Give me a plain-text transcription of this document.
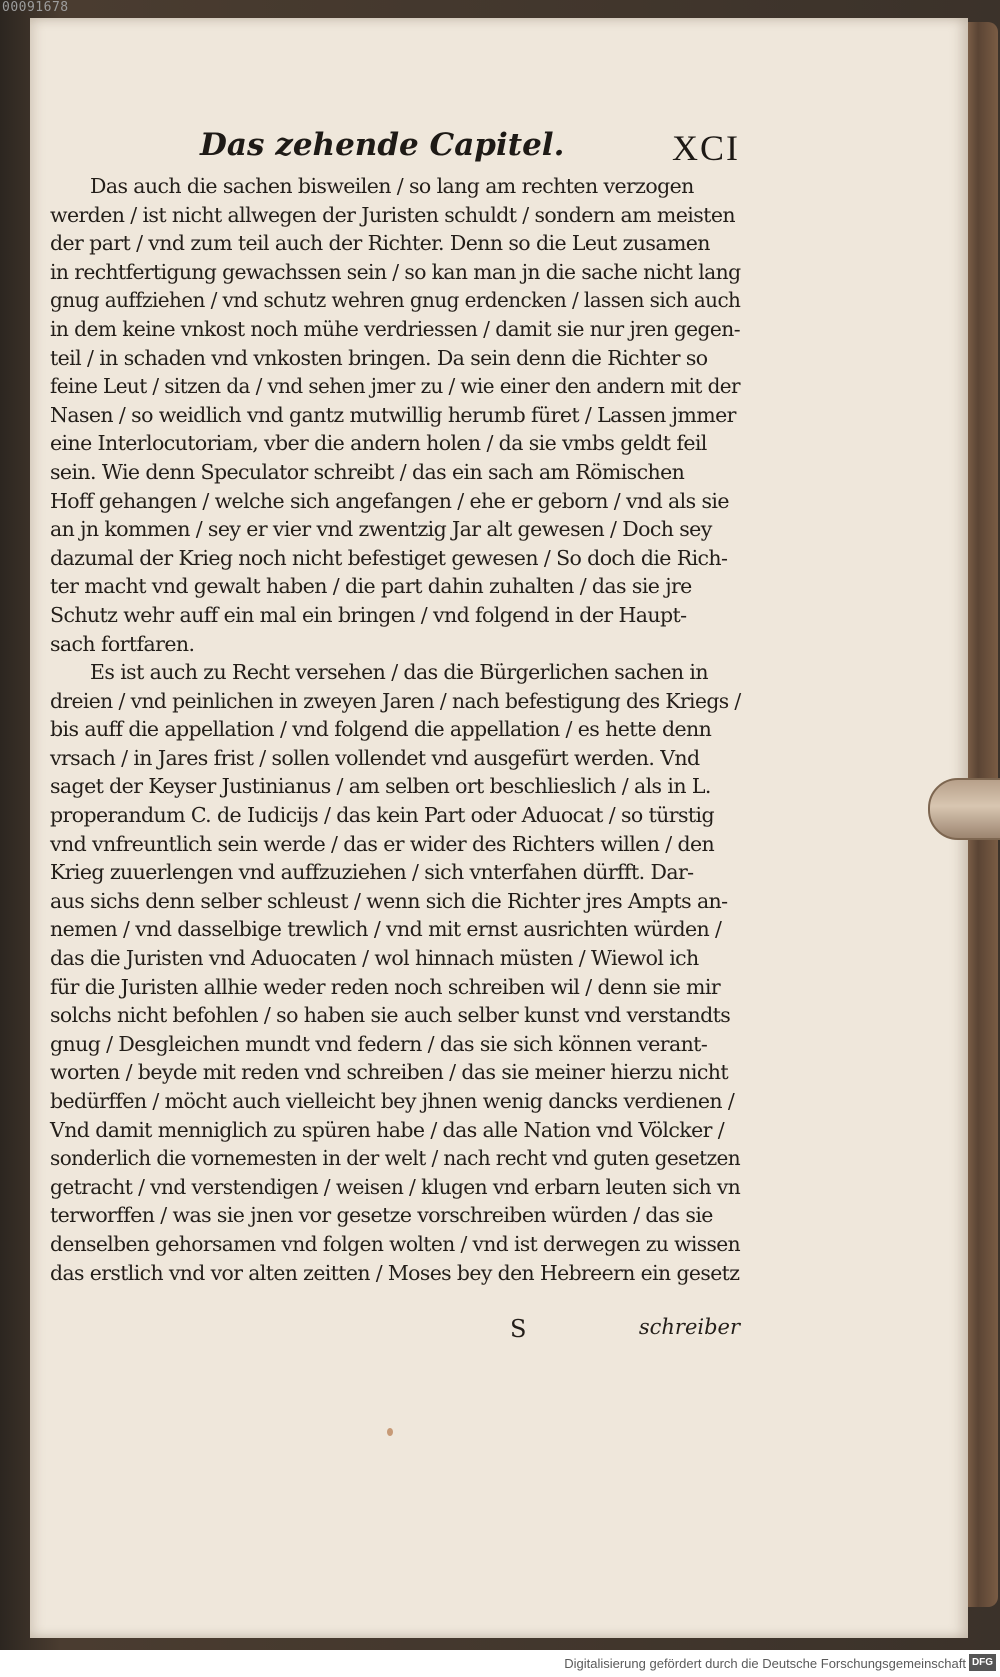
00091678
Das zehende Capitel.	XCI
Das auch die sachen bisweilen / so lang am rechten verzogen
werden / ist nicht allwegen der Juristen schuldt / sondern am meisten
der part / vnd zum teil auch der Richter. Denn so die Leut zusamen
in rechtfertigung gewachssen sein / so kan man jn die sache nicht lang
gnug auffziehen / vnd schutz wehren gnug erdencken / lassen sich auch
in dem keine vnkost noch mühe verdriessen / damit sie nur jren gegen-
teil / in schaden vnd vnkosten bringen. Da sein denn die Richter so
feine Leut / sitzen da / vnd sehen jmer zu / wie einer den andern mit der
Nasen / so weidlich vnd gantz mutwillig herumb füret / Lassen jmmer
eine Interlocutoriam, vber die andern holen / da sie vmbs geldt feil
sein. Wie denn Speculator schreibt / das ein sach am Römischen
Hoff gehangen / welche sich angefangen / ehe er geborn / vnd als sie
an jn kommen / sey er vier vnd zwentzig Jar alt gewesen / Doch sey
dazumal der Krieg noch nicht befestiget gewesen / So doch die Rich-
ter macht vnd gewalt haben / die part dahin zuhalten / das sie jre
Schutz wehr auff ein mal ein bringen / vnd folgend in der Haupt-
sach fortfaren.
Es ist auch zu Recht versehen / das die Bürgerlichen sachen in
dreien / vnd peinlichen in zweyen Jaren / nach befestigung des Kriegs /
bis auff die appellation / vnd folgend die appellation / es hette denn
vrsach / in Jares frist / sollen vollendet vnd ausgefürt werden. Vnd
saget der Keyser Justinianus / am selben ort beschlieslich / als in L.
properandum C. de Iudicijs / das kein Part oder Aduocat / so türstig
vnd vnfreuntlich sein werde / das er wider des Richters willen / den
Krieg zuuerlengen vnd auffzuziehen / sich vnterfahen dürfft. Dar-
aus sichs denn selber schleust / wenn sich die Richter jres Ampts an-
nemen / vnd dasselbige trewlich / vnd mit ernst ausrichten würden /
das die Juristen vnd Aduocaten / wol hinnach müsten / Wiewol ich
für die Juristen allhie weder reden noch schreiben wil / denn sie mir
solchs nicht befohlen / so haben sie auch selber kunst vnd verstandts
gnug / Desgleichen mundt vnd federn / das sie sich können verant-
worten / beyde mit reden vnd schreiben / das sie meiner hierzu nicht
bedürffen / möcht auch vielleicht bey jhnen wenig dancks verdienen /
Vnd damit menniglich zu spüren habe / das alle Nation vnd Völcker /
sonderlich die vornemesten in der welt / nach recht vnd guten gesetzen
getracht / vnd verstendigen / weisen / klugen vnd erbarn leuten sich vn
terworffen / was sie jnen vor gesetze vorschreiben würden / das sie
denselben gehorsamen vnd folgen wolten / vnd ist derwegen zu wissen
das erstlich vnd vor alten zeitten / Moses bey den Hebreern ein gesetz
S	schreiber
Digitalisierung gefördert durch die Deutsche Forschungsgemeinschaft DFG
